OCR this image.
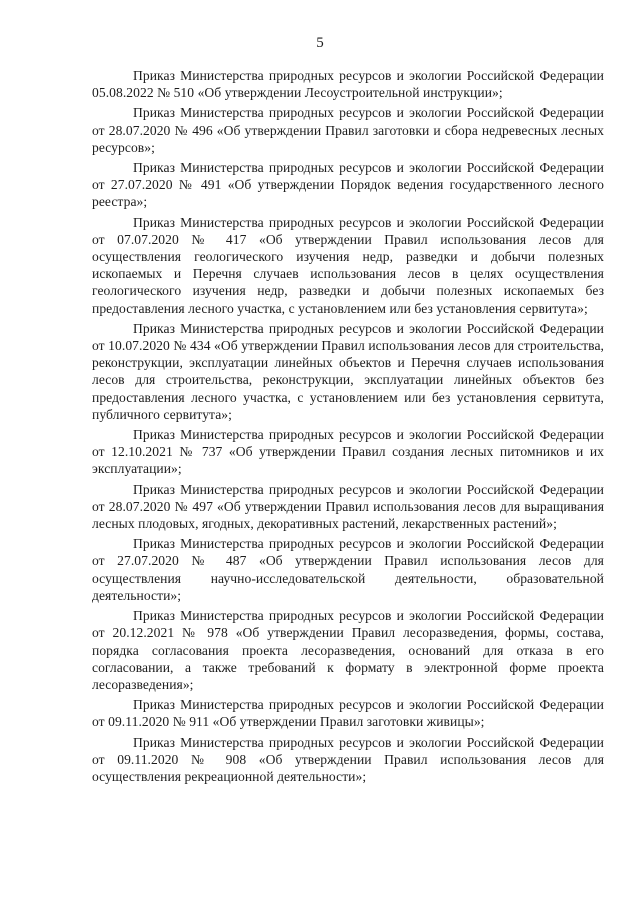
5

Приказ Министерства природных ресурсов и экологии Российской Федерации 05.08.2022 № 510 «Об утверждении Лесоустроительной инструкции»;

Приказ Министерства природных ресурсов и экологии Российской Федерации от 28.07.2020 № 496 «Об утверждении Правил заготовки и сбора недревесных лесных ресурсов»;

Приказ Министерства природных ресурсов и экологии Российской Федерации от 27.07.2020 № 491 «Об утверждении Порядок ведения государственного лесного реестра»;

Приказ Министерства природных ресурсов и экологии Российской Федерации от 07.07.2020 № 417 «Об утверждении Правил использования лесов для осуществления геологического изучения недр, разведки и добычи полезных ископаемых и Перечня случаев использования лесов в целях осуществления геологического изучения недр, разведки и добычи полезных ископаемых без предоставления лесного участка, с установлением или без установления сервитута»;

Приказ Министерства природных ресурсов и экологии Российской Федерации от 10.07.2020 № 434 «Об утверждении Правил использования лесов для строительства, реконструкции, эксплуатации линейных объектов и Перечня случаев использования лесов для строительства, реконструкции, эксплуатации линейных объектов без предоставления лесного участка, с установлением или без установления сервитута, публичного сервитута»;

Приказ Министерства природных ресурсов и экологии Российской Федерации от 12.10.2021 № 737 «Об утверждении Правил создания лесных питомников и их эксплуатации»;

Приказ Министерства природных ресурсов и экологии Российской Федерации от 28.07.2020 № 497 «Об утверждении Правил использования лесов для выращивания лесных плодовых, ягодных, декоративных растений, лекарственных растений»;

Приказ Министерства природных ресурсов и экологии Российской Федерации от 27.07.2020 № 487 «Об утверждении Правил использования лесов для осуществления научно-исследовательской деятельности, образовательной деятельности»;

Приказ Министерства природных ресурсов и экологии Российской Федерации от 20.12.2021 № 978 «Об утверждении Правил лесоразведения, формы, состава, порядка согласования проекта лесоразведения, оснований для отказа в его согласовании, а также требований к формату в электронной форме проекта лесоразведения»;

Приказ Министерства природных ресурсов и экологии Российской Федерации от 09.11.2020 № 911 «Об утверждении Правил заготовки живицы»;

Приказ Министерства природных ресурсов и экологии Российской Федерации от 09.11.2020 № 908 «Об утверждении Правил использования лесов для осуществления рекреационной деятельности»;
